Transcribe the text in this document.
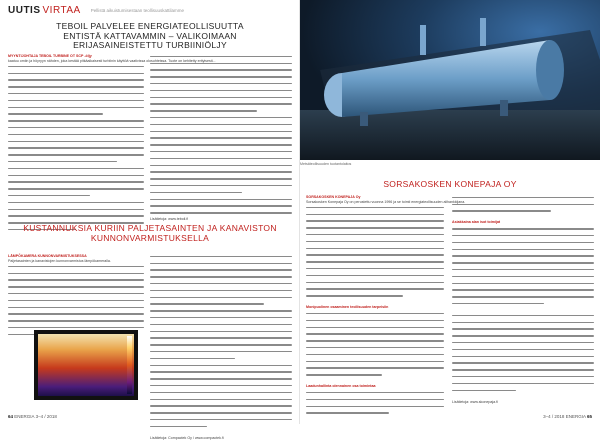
UUTIS VIRTAA Pellistä aikuistumisestaan teollisuuskattilamme
TEBOIL PALVELEE ENERGIATEOLLISUUTTA
ENTISTÄ KATTAVAMMIN – VALIKOIMAAN
ERIJASAINEISTETTU TURBIINIÖLJY
MYYNTIJOHTAJA TEBOIL TURBINE OT SCP -öljy
kaatuu omiin ja höyryyn nähden, joka kestää pitkäaikaisesti turbiinin käyttöä vaativissa olosuhteissa. Tuote on kehitetty erityisesti...
Lisätietoja: www.teboil.fi
KUSTANNUKSIA KURIIN PALJETASAINTEN JA KANAVISTON
KUNNONVARMISTUKSELLA
LÄMPÖKAMERA KUNNONVARMISTUKSESSA
Paljetasainten ja kanavistojen kunnonvarmistus lämpökameralla.
Lisätietoja: Compactek Oy / www.compactek.fi
64 ENERGIA 3–4 / 2018
Metsäteollisuuden tuotantolaitos
SORSAKOSKEN KONEPAJA OY
SORSAKOSKEN KONEPAJA Oy
Sorsakosken Konepaja Oy on perustettu vuonna 1996 ja se toimii energiateollisuuden alihankkijana.
Monipuolinen osaaminen teollisuuden tarpeisiin
Laadunhallinta olennainen osa toimintaa
Asiakkaina alan isot toimijat
Lisätietoja: www.skonepaja.fi
3–4 / 2018 ENERGIA 65
